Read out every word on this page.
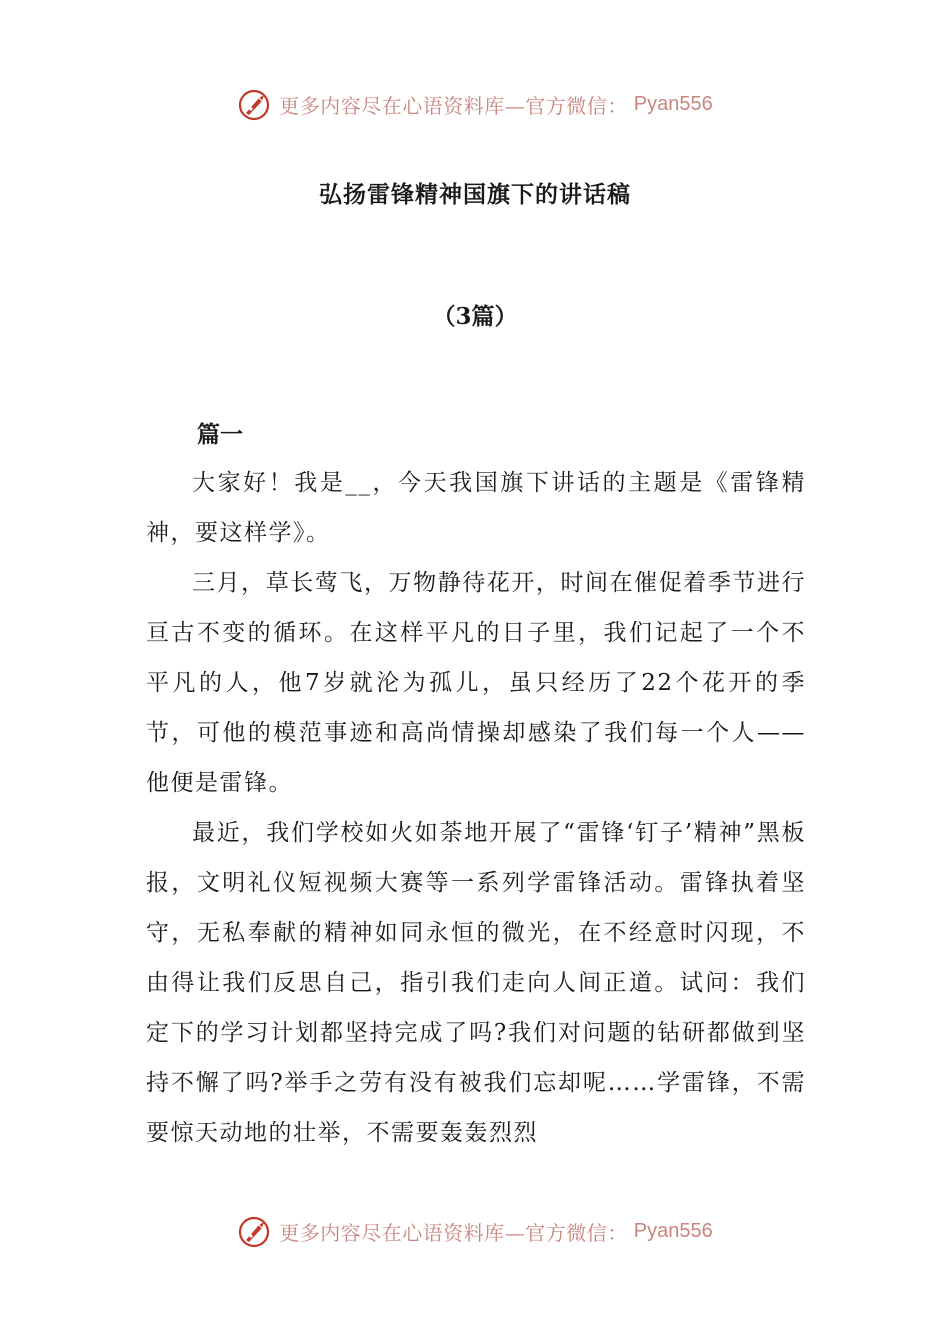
更多内容尽在心语资料库—官方微信： Pyan556
弘扬雷锋精神国旗下的讲话稿
（3篇）
篇一

大家好！我是__，今天我国旗下讲话的主题是《雷锋精神，要这样学》。

三月，草长莺飞，万物静待花开，时间在催促着季节进行亘古不变的循环。在这样平凡的日子里，我们记起了一个不平凡的人，他7岁就沦为孤儿，虽只经历了22个花开的季节，可他的模范事迹和高尚情操却感染了我们每一个人——他便是雷锋。

最近，我们学校如火如荼地开展了“雷锋‘钉子’精神”黑板报，文明礼仪短视频大赛等一系列学雷锋活动。雷锋执着坚守，无私奉献的精神如同永恒的微光，在不经意时闪现，不由得让我们反思自己，指引我们走向人间正道。试问：我们定下的学习计划都坚持完成了吗?我们对问题的钻研都做到坚持不懈了吗?举手之劳有没有被我们忘却呢……学雷锋，不需要惊天动地的壮举，不需要轰轰烈烈

更多内容尽在心语资料库—官方微信： Pyan556
